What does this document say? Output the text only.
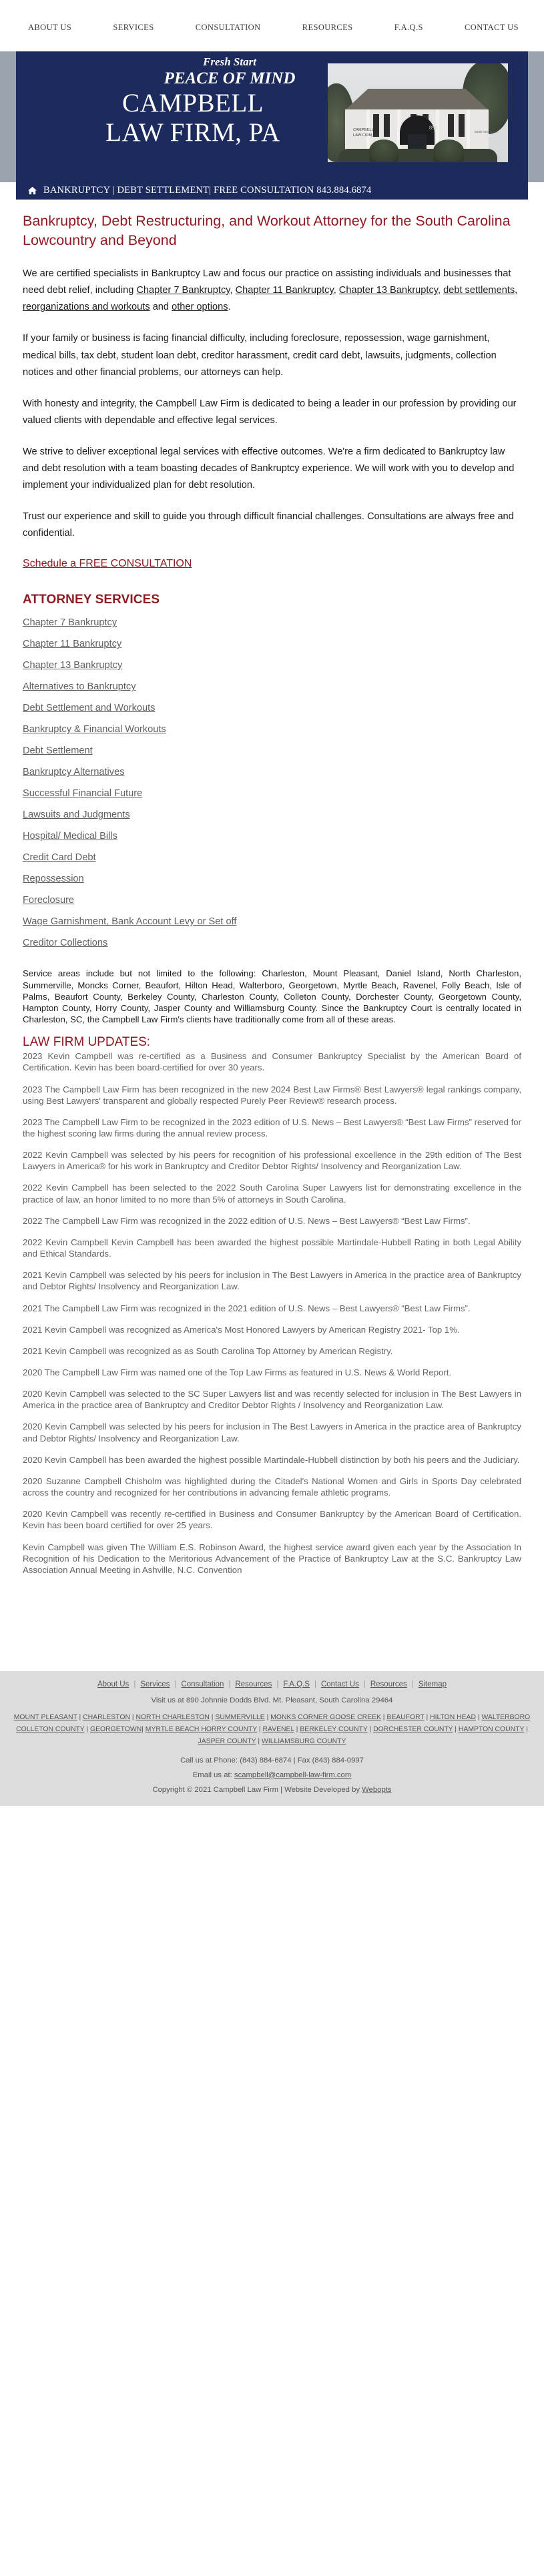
ABOUT US	SERVICES	CONSULTATION	RESOURCES	F.A.Q.S	CONTACT US
Fresh Start
PEACE OF MIND
CAMPBELL
LAW FIRM, PA	CAMPBELL
LAW FIRM, PA
Smith Associates
890
BANKRUPTCY | DEBT SETTLEMENT| FREE CONSULTATION 843.884.6874
Bankruptcy, Debt Restructuring, and Workout Attorney for the South Carolina Lowcountry and Beyond

We are certified specialists in Bankruptcy Law and focus our practice on assisting individuals and businesses that need debt relief, including Chapter 7 Bankruptcy, Chapter 11 Bankruptcy, Chapter 13 Bankruptcy, debt settlements, reorganizations and workouts and other options.

If your family or business is facing financial difficulty, including foreclosure, repossession, wage garnishment, medical bills, tax debt, student loan debt, creditor harassment, credit card debt, lawsuits, judgments, collection notices and other financial problems, our attorneys can help.

With honesty and integrity, the Campbell Law Firm is dedicated to being a leader in our profession by providing our valued clients with dependable and effective legal services.

We strive to deliver exceptional legal services with effective outcomes. We're a firm dedicated to Bankruptcy law and debt resolution with a team boasting decades of Bankruptcy experience. We will work with you to develop and implement your individualized plan for debt resolution.

Trust our experience and skill to guide you through difficult financial challenges. Consultations are always free and confidential.

Schedule a FREE CONSULTATION
ATTORNEY SERVICES
Chapter 7 Bankruptcy
Chapter 11 Bankruptcy
Chapter 13 Bankruptcy
Alternatives to Bankruptcy
Debt Settlement and Workouts
Bankruptcy & Financial Workouts
Debt Settlement
Bankruptcy Alternatives
Successful Financial Future
Lawsuits and Judgments
Hospital/ Medical Bills
Credit Card Debt
Repossession
Foreclosure
Wage Garnishment, Bank Account Levy or Set off
Creditor Collections

Service areas include but not limited to the following: Charleston, Mount Pleasant, Daniel Island, North Charleston, Summerville, Moncks Corner, Beaufort, Hilton Head, Walterboro, Georgetown, Myrtle Beach, Ravenel, Folly Beach, Isle of Palms, Beaufort County, Berkeley County, Charleston County, Colleton County, Dorchester County, Georgetown County, Hampton County, Horry County, Jasper County and Williamsburg County. Since the Bankruptcy Court is centrally located in Charleston, SC, the Campbell Law Firm's clients have traditionally come from all of these areas.

LAW FIRM UPDATES:

2023 Kevin Campbell was re-certified as a Business and Consumer Bankruptcy Specialist by the American Board of Certification. Kevin has been board-certified for over 30 years.

2023 The Campbell Law Firm has been recognized in the new 2024 Best Law Firms® Best Lawyers® legal rankings company, using Best Lawyers' transparent and globally respected Purely Peer Review® research process.

2023 The Campbell Law Firm to be recognized in the 2023 edition of U.S. News – Best Lawyers® “Best Law Firms” reserved for the highest scoring law firms during the annual review process.

2022 Kevin Campbell was selected by his peers for recognition of his professional excellence in the 29th edition of The Best Lawyers in America® for his work in Bankruptcy and Creditor Debtor Rights/ Insolvency and Reorganization Law.

2022 Kevin Campbell has been selected to the 2022 South Carolina Super Lawyers list for demonstrating excellence in the practice of law, an honor limited to no more than 5% of attorneys in South Carolina.

2022 The Campbell Law Firm was recognized in the 2022 edition of U.S. News – Best Lawyers® “Best Law Firms”.

2022 Kevin Campbell Kevin Campbell has been awarded the highest possible Martindale-Hubbell Rating in both Legal Ability and Ethical Standards.

2021 Kevin Campbell was selected by his peers for inclusion in The Best Lawyers in America in the practice area of Bankruptcy and Debtor Rights/ Insolvency and Reorganization Law.

2021 The Campbell Law Firm was recognized in the 2021 edition of U.S. News – Best Lawyers® “Best Law Firms”.

2021 Kevin Campbell was recognized as America's Most Honored Lawyers by American Registry 2021- Top 1%.

2021 Kevin Campbell was recognized as as South Carolina Top Attorney by American Registry.

2020 The Campbell Law Firm was named one of the Top Law Firms as featured in U.S. News & World Report.

2020 Kevin Campbell was selected to the SC Super Lawyers list and was recently selected for inclusion in The Best Lawyers in America in the practice area of Bankruptcy and Creditor Debtor Rights / Insolvency and Reorganization Law.

2020 Kevin Campbell was selected by his peers for inclusion in The Best Lawyers in America in the practice area of Bankruptcy and Debtor Rights/ Insolvency and Reorganization Law.

2020 Kevin Campbell has been awarded the highest possible Martindale-Hubbell distinction by both his peers and the Judiciary.

2020 Suzanne Campbell Chisholm was highlighted during the Citadel's National Women and Girls in Sports Day celebrated across the country and recognized for her contributions in advancing female athletic programs.

2020 Kevin Campbell was recently re-certified in Business and Consumer Bankruptcy by the American Board of Certification. Kevin has been board certified for over 25 years.

Kevin Campbell was given The William E.S. Robinson Award, the highest service award given each year by the Association In Recognition of his Dedication to the Meritorious Advancement of the Practice of Bankruptcy Law at the S.C. Bankruptcy Law Association Annual Meeting in Ashville, N.C. Convention

About Us | Services | Consultation | Resources | F.A.Q.S | Contact Us | Resources | Sitemap
Visit us at 890 Johnnie Dodds Blvd. Mt. Pleasant, South Carolina 29464
MOUNT PLEASANT | CHARLESTON | NORTH CHARLESTON | SUMMERVILLE | MONKS CORNER GOOSE CREEK | BEAUFORT | HILTON HEAD | WALTERBORO COLLETON COUNTY | GEORGETOWN| MYRTLE BEACH HORRY COUNTY | RAVENEL | BERKELEY COUNTY | DORCHESTER COUNTY | HAMPTON COUNTY | JASPER COUNTY | WILLIAMSBURG COUNTY
Call us at Phone: (843) 884-6874 | Fax (843) 884-0997
Email us at: scampbell@campbell-law-firm.com
Copyright © 2021 Campbell Law Firm | Website Developed by Webopts
